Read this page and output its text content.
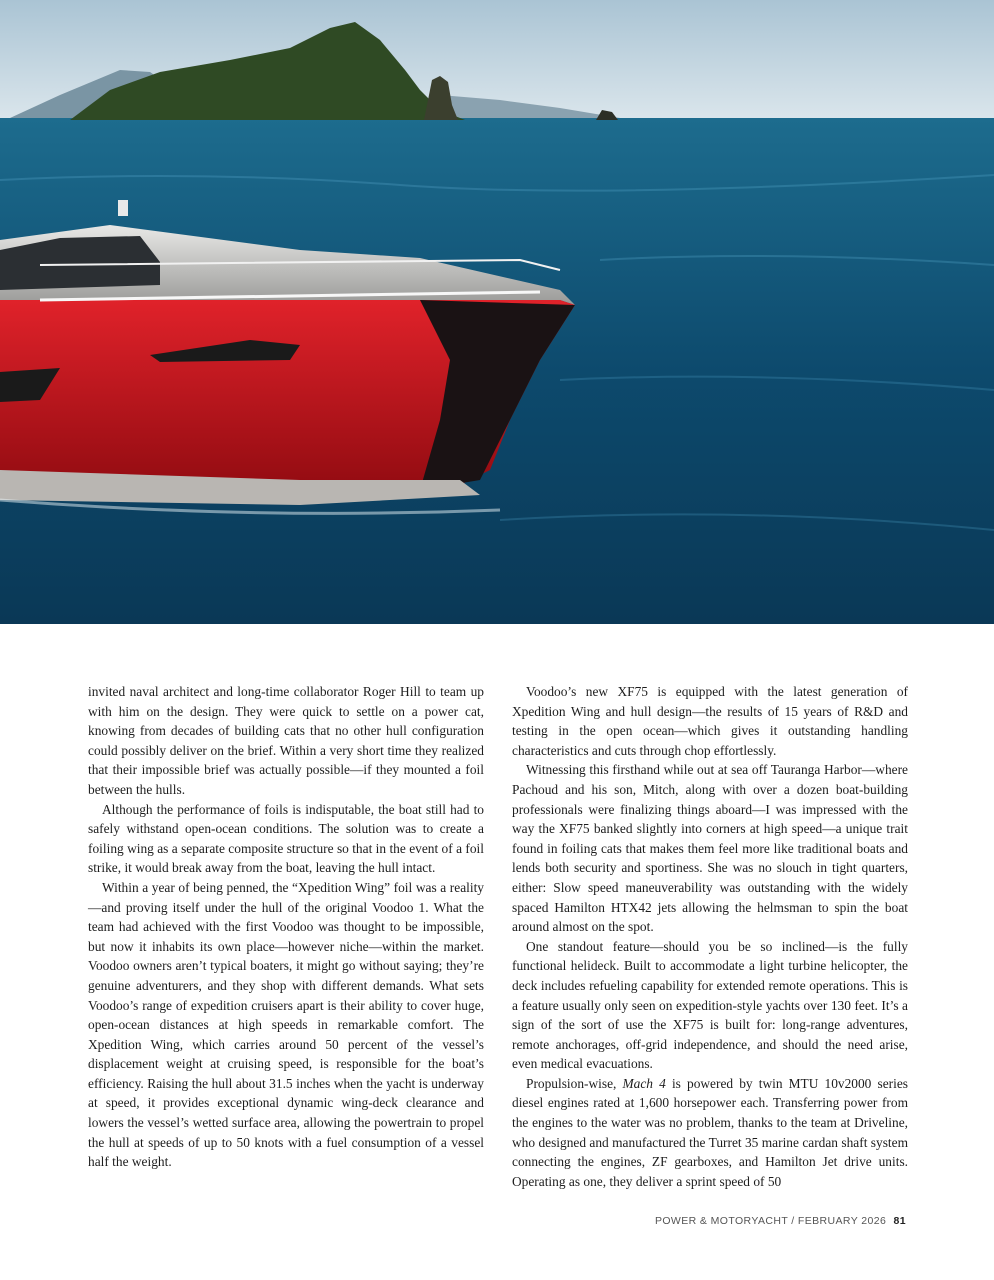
invited naval architect and long-time collaborator Roger Hill to team up with him on the design. They were quick to settle on a power cat, knowing from decades of building cats that no other hull configuration could possibly deliver on the brief. Within a very short time they realized that their impossible brief was actually possible—if they mounted a foil between the hulls.

Although the performance of foils is indisputable, the boat still had to safely withstand open-ocean conditions. The solution was to create a foiling wing as a separate composite structure so that in the event of a foil strike, it would break away from the boat, leaving the hull intact.

Within a year of being penned, the “Xpedition Wing” foil was a reality—and proving itself under the hull of the original Voodoo 1. What the team had achieved with the first Voodoo was thought to be impossible, but now it inhabits its own place—however niche—within the market. Voodoo owners aren’t typical boaters, it might go without saying; they’re genuine adventurers, and they shop with different demands. What sets Voodoo’s range of expedition cruisers apart is their ability to cover huge, open-ocean distances at high speeds in remarkable comfort. The Xpedition Wing, which carries around 50 percent of the vessel’s displacement weight at cruising speed, is responsible for the boat’s efficiency. Raising the hull about 31.5 inches when the yacht is underway at speed, it provides exceptional dynamic wing-deck clearance and lowers the vessel’s wetted surface area, allowing the powertrain to propel the hull at speeds of up to 50 knots with a fuel consumption of a vessel half the weight.

Voodoo’s new XF75 is equipped with the latest generation of Xpedition Wing and hull design—the results of 15 years of R&D and testing in the open ocean—which gives it outstanding handling characteristics and cuts through chop effortlessly.

Witnessing this firsthand while out at sea off Tauranga Harbor—where Pachoud and his son, Mitch, along with over a dozen boat-building professionals were finalizing things aboard—I was impressed with the way the XF75 banked slightly into corners at high speed—a unique trait found in foiling cats that makes them feel more like traditional boats and lends both security and sportiness. She was no slouch in tight quarters, either: Slow speed maneuverability was outstanding with the widely spaced Hamilton HTX42 jets allowing the helmsman to spin the boat around almost on the spot.

One standout feature—should you be so inclined—is the fully functional helideck. Built to accommodate a light turbine helicopter, the deck includes refueling capability for extended remote operations. This is a feature usually only seen on expedition-style yachts over 130 feet. It’s a sign of the sort of use the XF75 is built for: long-range adventures, remote anchorages, off-grid independence, and should the need arise, even medical evacuations.

Propulsion-wise, Mach 4 is powered by twin MTU 10v2000 series diesel engines rated at 1,600 horsepower each. Transferring power from the engines to the water was no problem, thanks to the team at Driveline, who designed and manufactured the Turret 35 marine cardan shaft system connecting the engines, ZF gearboxes, and Hamilton Jet drive units. Operating as one, they deliver a sprint speed of 50

POWER & MOTORYACHT / FEBRUARY 2026 81
